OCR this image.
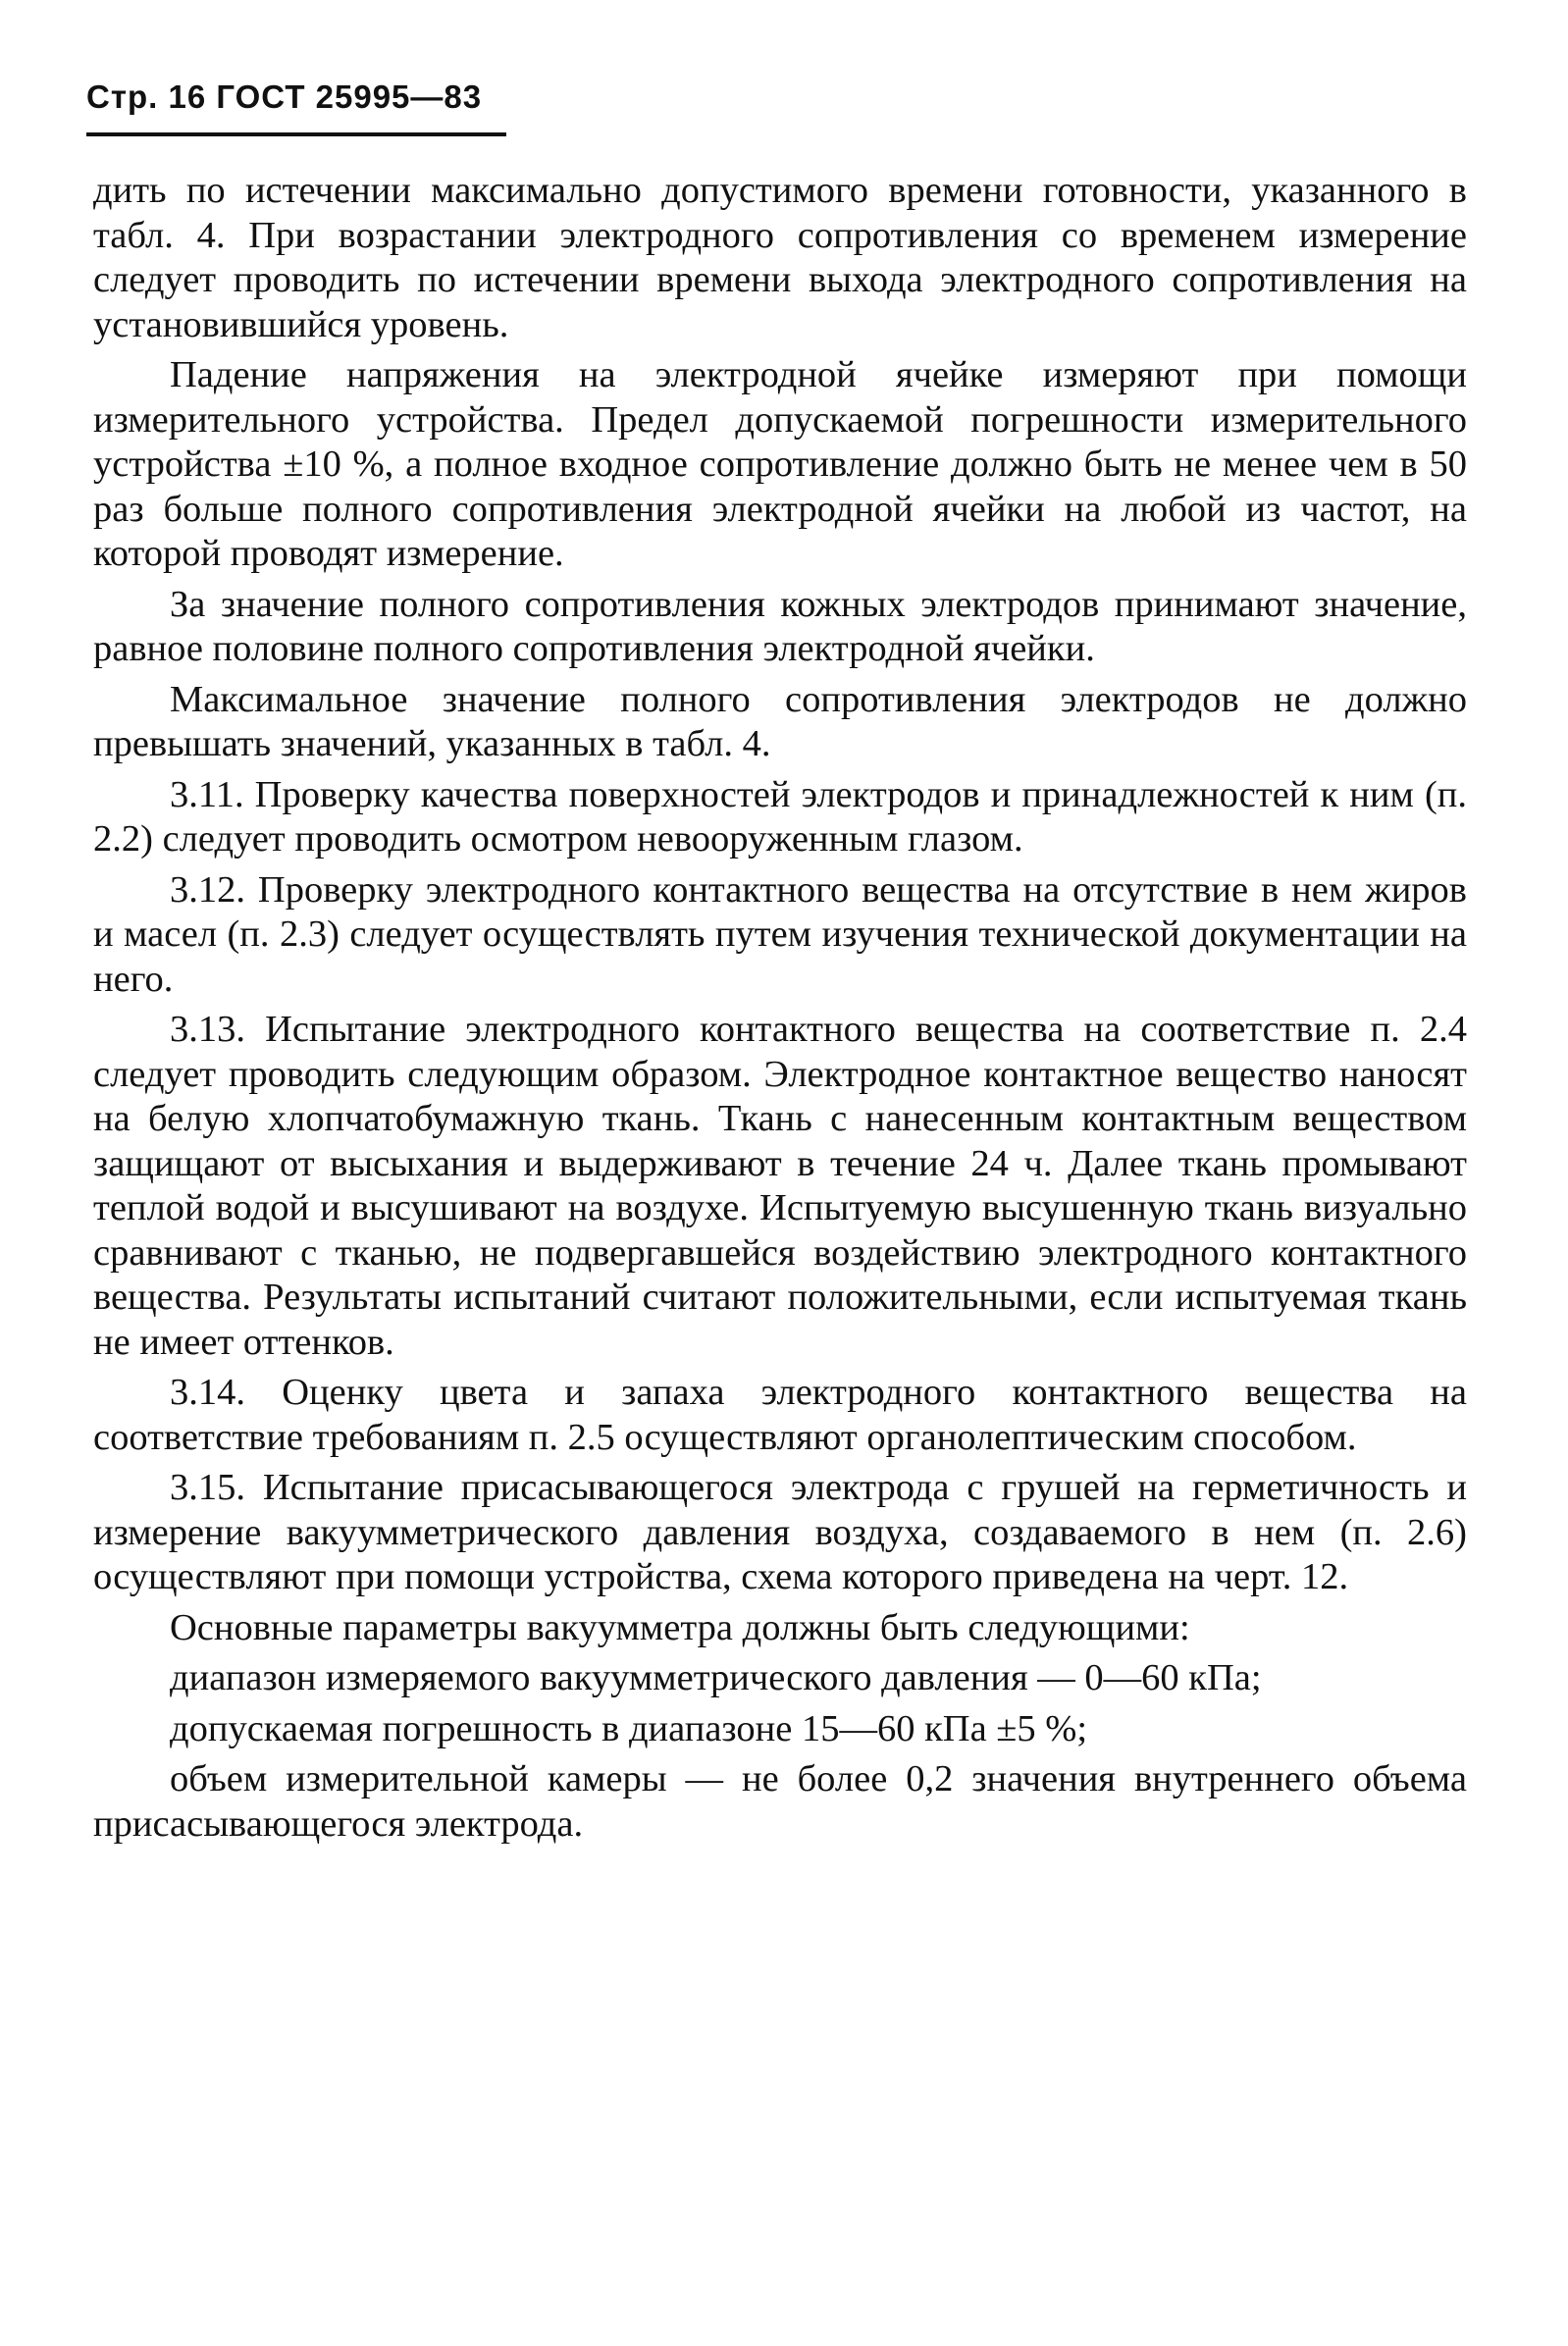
Стр. 16 ГОСТ 25995—83

дить по истечении максимально допустимого времени готовности, указанного в табл. 4. При возрастании электродного сопротивления со временем измерение следует проводить по истечении времени выхода электродного сопротивления на установившийся уровень.

Падение напряжения на электродной ячейке измеряют при помощи измерительного устройства. Предел допускаемой погрешности измерительного устройства ±10 %, а полное входное сопротивление должно быть не менее чем в 50 раз больше полного сопротивления электродной ячейки на любой из частот, на которой проводят измерение.

За значение полного сопротивления кожных электродов принимают значение, равное половине полного сопротивления электродной ячейки.

Максимальное значение полного сопротивления электродов не должно превышать значений, указанных в табл. 4.

3.11. Проверку качества поверхностей электродов и принадлежностей к ним (п. 2.2) следует проводить осмотром невооруженным глазом.

3.12. Проверку электродного контактного вещества на отсутствие в нем жиров и масел (п. 2.3) следует осуществлять путем изучения технической документации на него.

3.13. Испытание электродного контактного вещества на соответствие п. 2.4 следует проводить следующим образом. Электродное контактное вещество наносят на белую хлопчатобумажную ткань. Ткань с нанесенным контактным веществом защищают от высыхания и выдерживают в течение 24 ч. Далее ткань промывают теплой водой и высушивают на воздухе. Испытуемую высушенную ткань визуально сравнивают с тканью, не подвергавшейся воздействию электродного контактного вещества. Результаты испытаний считают положительными, если испытуемая ткань не имеет оттенков.

3.14. Оценку цвета и запаха электродного контактного вещества на соответствие требованиям п. 2.5 осуществляют органолептическим способом.

3.15. Испытание присасывающегося электрода с грушей на герметичность и измерение вакуумметрического давления воздуха, создаваемого в нем (п. 2.6) осуществляют при помощи устройства, схема которого приведена на черт. 12.

Основные параметры вакуумметра должны быть следующими:

диапазон измеряемого вакуумметрического давления — 0—60 кПа;

допускаемая погрешность в диапазоне 15—60 кПа ±5 %;

объем измерительной камеры — не более 0,2 значения внутреннего объема присасывающегося электрода.
